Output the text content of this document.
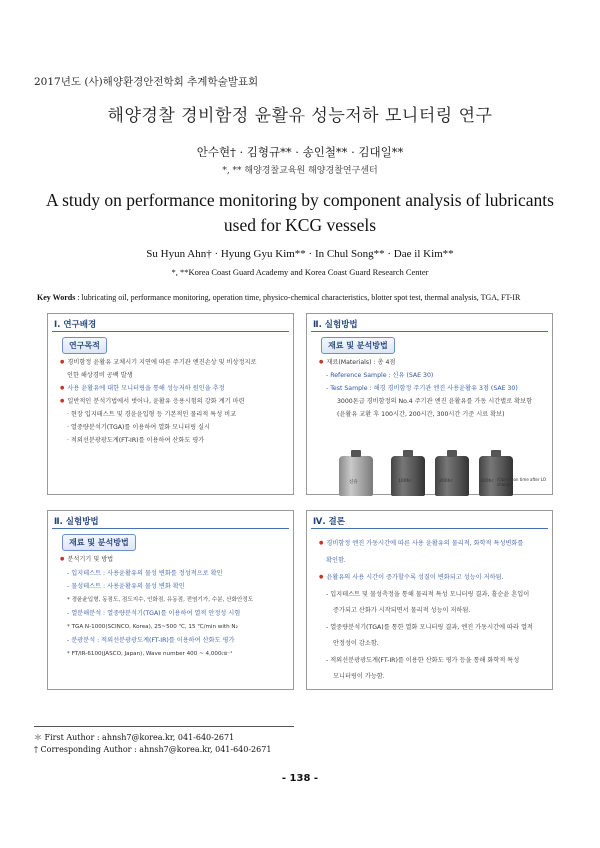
2017년도 (사)해양환경안전학회 추계학술발표회
해양경찰 경비함정 윤활유 성능저하 모니터링 연구
안수현† · 김형규** · 송인철** · 김대일**
*, ** 해양경찰교육원 해양경찰연구센터
A study on performance monitoring by component analysis of lubricants
used for KCG vessels
Su Hyun Ahn† · Hyung Gyu Kim** · In Chul Song** · Dae il Kim**
*, **Korea Coast Guard Academy and Korea Coast Guard Research Center
Key Words : lubricating oil, performance monitoring, operation time, physico-chemical characteristics, blotter spot test, thermal analysis, TGA, FT-IR
Ⅰ. 연구배경
연구목적
● 경비함정 윤활유 교체시기 지연에 따른 주기관 엔진손상 및 비상정지로
인한 해상경비 공백 발생
● 사용 윤활유에 대한 모니터링을 통해 성능저하 원인을 추정
● 일반적인 분석기법에서 벗어나, 윤활유 응용시험의 강화 계기 마련
· 현장 입지테스트 및 경윤윤입형 등 기본적인 물리적 특성 비교
· 열중량분석기(TGA)를 이용하여 열화 모니터링 실시
· 적외선분광광도계(FT-IR)를 이용하여 산화도 평가
Ⅱ. 실험방법
재료 및 분석방법
● 재료(Materials) : 총 4점
- Reference Sample : 신유 (SAE 30)
- Test Sample : 해경 경비함정 주기관 엔진 사용윤활유 3점 (SAE 30)
3000톤급 경비함정의 No.4 주기관 엔진 윤활유를 가동 시간별로 확보함
(윤활유 교환 후 100시간, 200시간, 300시간 기준 시료 확보)
신유	100hr	200hr	300hr (Operation time after LO change)
Ⅱ. 실험방법
재료 및 분석방법
● 분석기기 및 방법
- 입지테스트 : 사용윤활유의 물성 변화를 정성적으로 확인
- 물성테스트 : 사용윤활유의 물성 변화 확인
* 경윤윤입형, 동점도, 점도지수, 인화점, 유동점, 전염기가, 수분, 산화안정도
- 열분해분석 : 열중량분석기(TGA)를 이용하여 열적 안정성 시험
* TGA N-1000(SCINCO, Korea), 25~500 ℃, 15 ℃/min with N₂
- 분광분석 : 적외선분광광도계(FT-IR)를 이용하여 산화도 평가
* FT/IR-6100(JASCO, Japan), Wave number 400 ~ 4,000㎝⁻¹
Ⅳ. 결론
● 경비함정 엔진 가동시간에 따른 사용 윤활유의 물리적, 화학적 특성변화를
확인함.
● 윤활유의 사용 시간이 증가할수록 성질이 변화되고 성능이 저하됨.
- 입지테스트 및 물성측정을 통해 물리적 특성 모니터링 결과, 흘순윤 흔입이
증가되고 산화가 시작되면서 물리적 성능이 저하됨.
- 열중량분석기(TGA)를 통한 열화 모니터링 결과, 엔진 가동시간에 따라 열적
안정성이 감소함.
- 적외선분광광도계(FT-IR)를 이용한 산화도 평가 등을 통해 화학적 특성
모니터링이 가능함.
＊ First Author : ahnsh7@korea.kr, 041-640-2671
† Corresponding Author : ahnsh7@korea.kr, 041-640-2671
- 138 -
